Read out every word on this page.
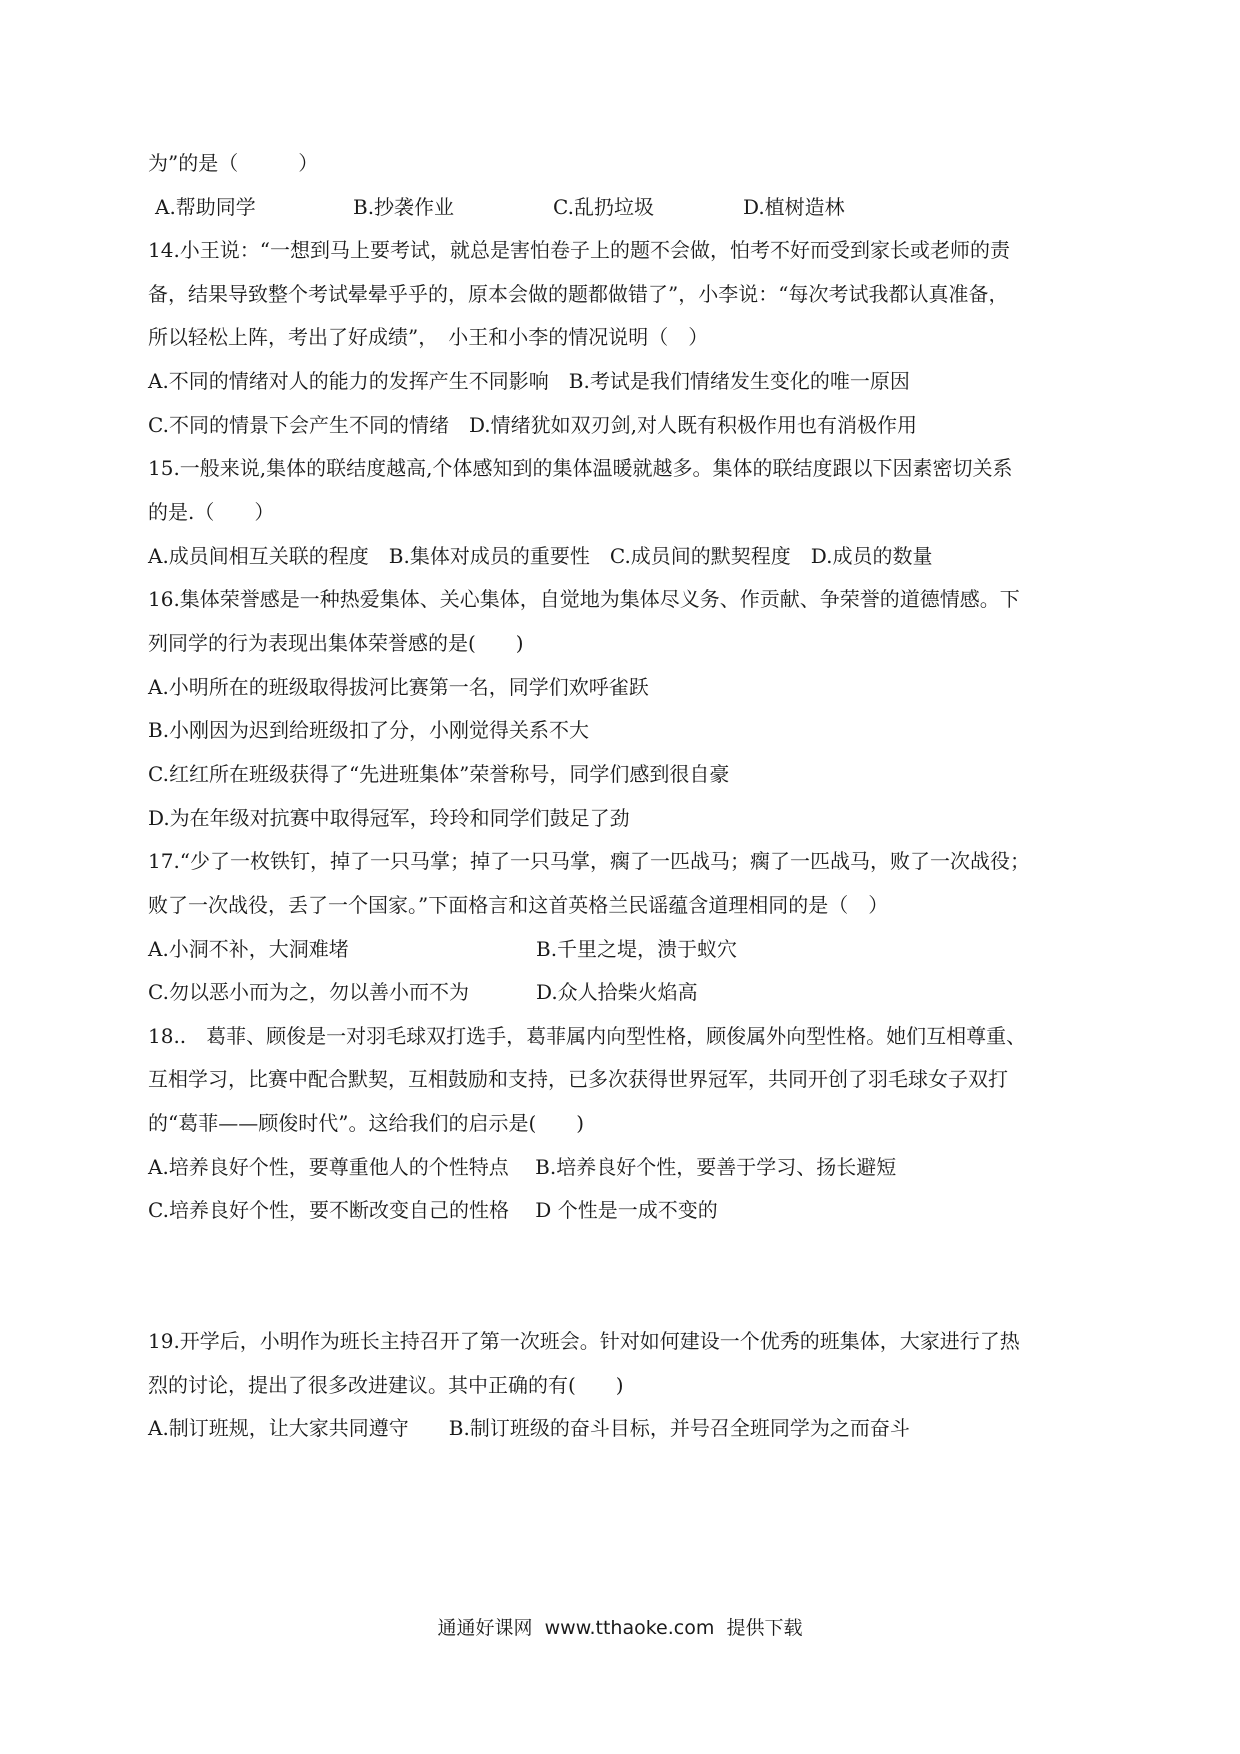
为”的是（　　　）
A.帮助同学	B.抄袭作业	C.乱扔垃圾	D.植树造林
14.小王说：“一想到马上要考试，就总是害怕卷子上的题不会做，怕考不好而受到家长或老师的责
备，结果导致整个考试晕晕乎乎的，原本会做的题都做错了”，小李说：“每次考试我都认真准备，
所以轻松上阵，考出了好成绩”，　小王和小李的情况说明（　）
A.不同的情绪对人的能力的发挥产生不同影响　B.考试是我们情绪发生变化的唯一原因
C.不同的情景下会产生不同的情绪　D.情绪犹如双刃剑,对人既有积极作用也有消极作用
15.一般来说,集体的联结度越高,个体感知到的集体温暖就越多。集体的联结度跟以下因素密切关系
的是.（　　）
A.成员间相互关联的程度　B.集体对成员的重要性　C.成员间的默契程度　D.成员的数量
16.集体荣誉感是一种热爱集体、关心集体，自觉地为集体尽义务、作贡献、争荣誉的道德情感。下
列同学的行为表现出集体荣誉感的是(　　)
A.小明所在的班级取得拔河比赛第一名，同学们欢呼雀跃
B.小刚因为迟到给班级扣了分，小刚觉得关系不大
C.红红所在班级获得了“先进班集体”荣誉称号，同学们感到很自豪
D.为在年级对抗赛中取得冠军，玲玲和同学们鼓足了劲
17.“少了一枚铁钉，掉了一只马掌；掉了一只马掌，瘸了一匹战马；瘸了一匹战马，败了一次战役；
败了一次战役，丢了一个国家。”下面格言和这首英格兰民谣蕴含道理相同的是（　）
A.小洞不补，大洞难堵	B.千里之堤，溃于蚁穴
C.勿以恶小而为之，勿以善小而不为	D.众人拾柴火焰高
18..　葛菲、顾俊是一对羽毛球双打选手，葛菲属内向型性格，顾俊属外向型性格。她们互相尊重、
互相学习，比赛中配合默契，互相鼓励和支持，已多次获得世界冠军，共同开创了羽毛球女子双打
的“葛菲——顾俊时代”。这给我们的启示是(　　)
A.培养良好个性，要尊重他人的个性特点　 B.培养良好个性，要善于学习、扬长避短
C.培养良好个性，要不断改变自己的性格　 D 个性是一成不变的
19.开学后，小明作为班长主持召开了第一次班会。针对如何建设一个优秀的班集体，大家进行了热
烈的讨论，提出了很多改进建议。其中正确的有(　　)
A.制订班规，让大家共同遵守　　B.制订班级的奋斗目标，并号召全班同学为之而奋斗
通通好课网  www.tthaoke.com  提供下载
